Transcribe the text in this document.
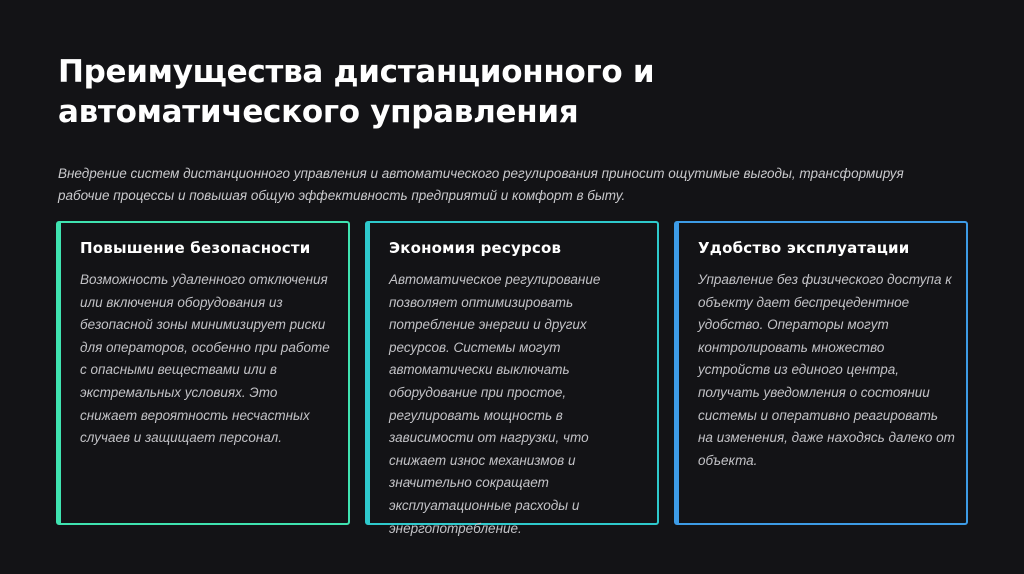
Преимущества дистанционного и автоматического управления

Внедрение систем дистанционного управления и автоматического регулирования приносит ощутимые выгоды, трансформируя рабочие процессы и повышая общую эффективность предприятий и комфорт в быту.

Повышение безопасности

Возможность удаленного отключения или включения оборудования из безопасной зоны минимизирует риски для операторов, особенно при работе с опасными веществами или в экстремальных условиях. Это снижает вероятность несчастных случаев и защищает персонал.

Экономия ресурсов

Автоматическое регулирование позволяет оптимизировать потребление энергии и других ресурсов. Системы могут автоматически выключать оборудование при простое, регулировать мощность в зависимости от нагрузки, что снижает износ механизмов и значительно сокращает эксплуатационные расходы и энергопотребление.

Удобство эксплуатации

Управление без физического доступа к объекту дает беспрецедентное удобство. Операторы могут контролировать множество устройств из единого центра, получать уведомления о состоянии системы и оперативно реагировать на изменения, даже находясь далеко от объекта.
